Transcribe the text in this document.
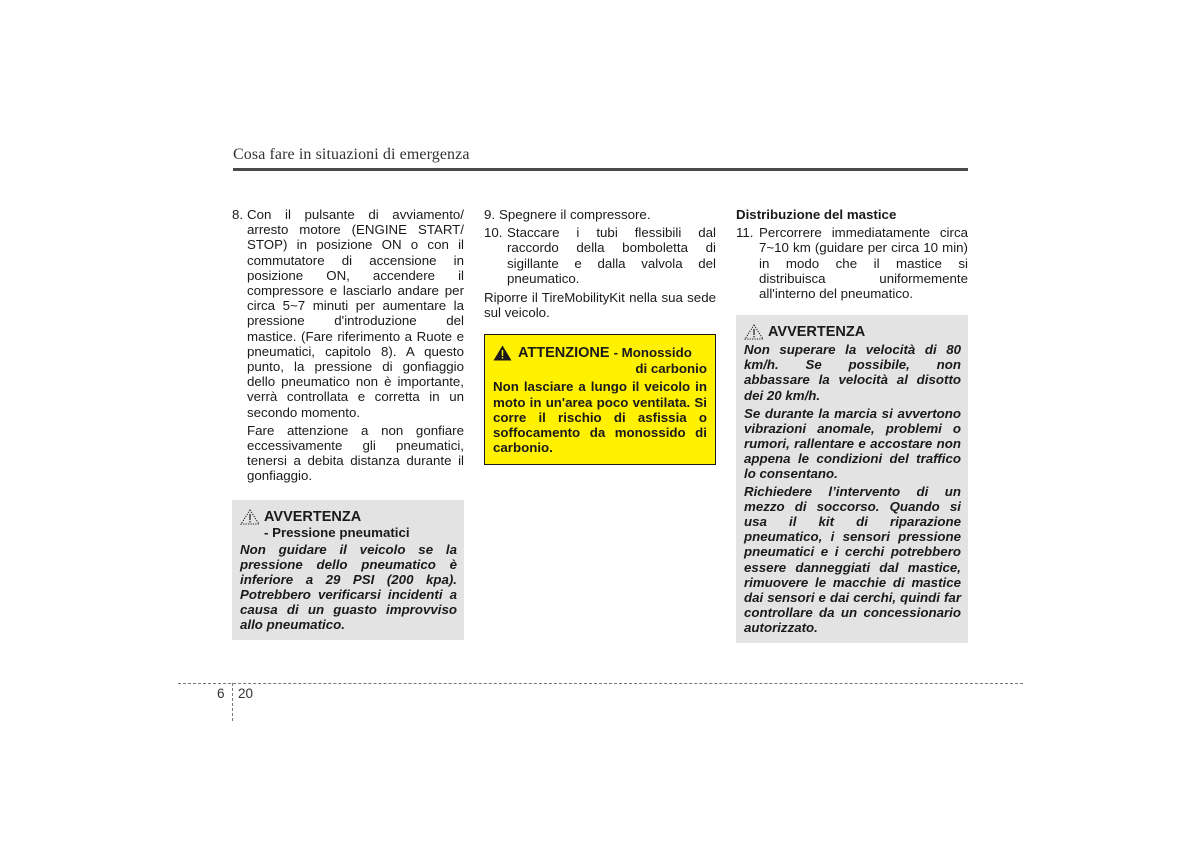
Cosa fare in situazioni di emergenza
8. Con il pulsante di avviamento/ arresto motore (ENGINE START/ STOP) in posizione ON o con il commutatore di accensione in posizione ON, accendere il compressore e lasciarlo andare per circa 5~7 minuti per aumentare la pressione d'introduzione del mastice. (Fare riferimento a Ruote e pneumatici, capitolo 8). A questo punto, la pressione di gonfiaggio dello pneumatico non è importante, verrà controllata e corretta in un secondo momento.

Fare attenzione a non gonfiare eccessivamente gli pneumatici, tenersi a debita distanza durante il gonfiaggio.

AVVERTENZA
- Pressione pneumatici

Non guidare il veicolo se la pressione dello pneumatico è inferiore a 29 PSI (200 kpa). Potrebbero verificarsi incidenti a causa di un guasto improvviso allo pneumatico.

9. Spegnere il compressore.
10. Staccare i tubi flessibili dal raccordo della bomboletta di sigillante e dalla valvola del pneumatico.

Riporre il TireMobilityKit nella sua sede sul veicolo.

ATTENZIONE - Monossido
di carbonio
Non lasciare a lungo il veicolo in moto in un'area poco ventilata. Si corre il rischio di asfissia o soffocamento da monossido di carbonio.
Distribuzione del mastice
11. Percorrere immediatamente circa 7~10 km (guidare per circa 10 min) in modo che il mastice si distribuisca uniformemente all'interno del pneumatico.
AVVERTENZA

Non superare la velocità di 80 km/h. Se possibile, non abbassare la velocità al disotto dei 20 km/h.

Se durante la marcia si avvertono vibrazioni anomale, problemi o rumori, rallentare e accostare non appena le condizioni del traffico lo consentano.

Richiedere l’intervento di un mezzo di soccorso. Quando si usa il kit di riparazione pneumatico, i sensori pressione pneumatici e i cerchi potrebbero essere danneggiati dal mastice, rimuovere le macchie di mastice dai sensori e dai cerchi, quindi far controllare da un concessionario autorizzato.

6 20
